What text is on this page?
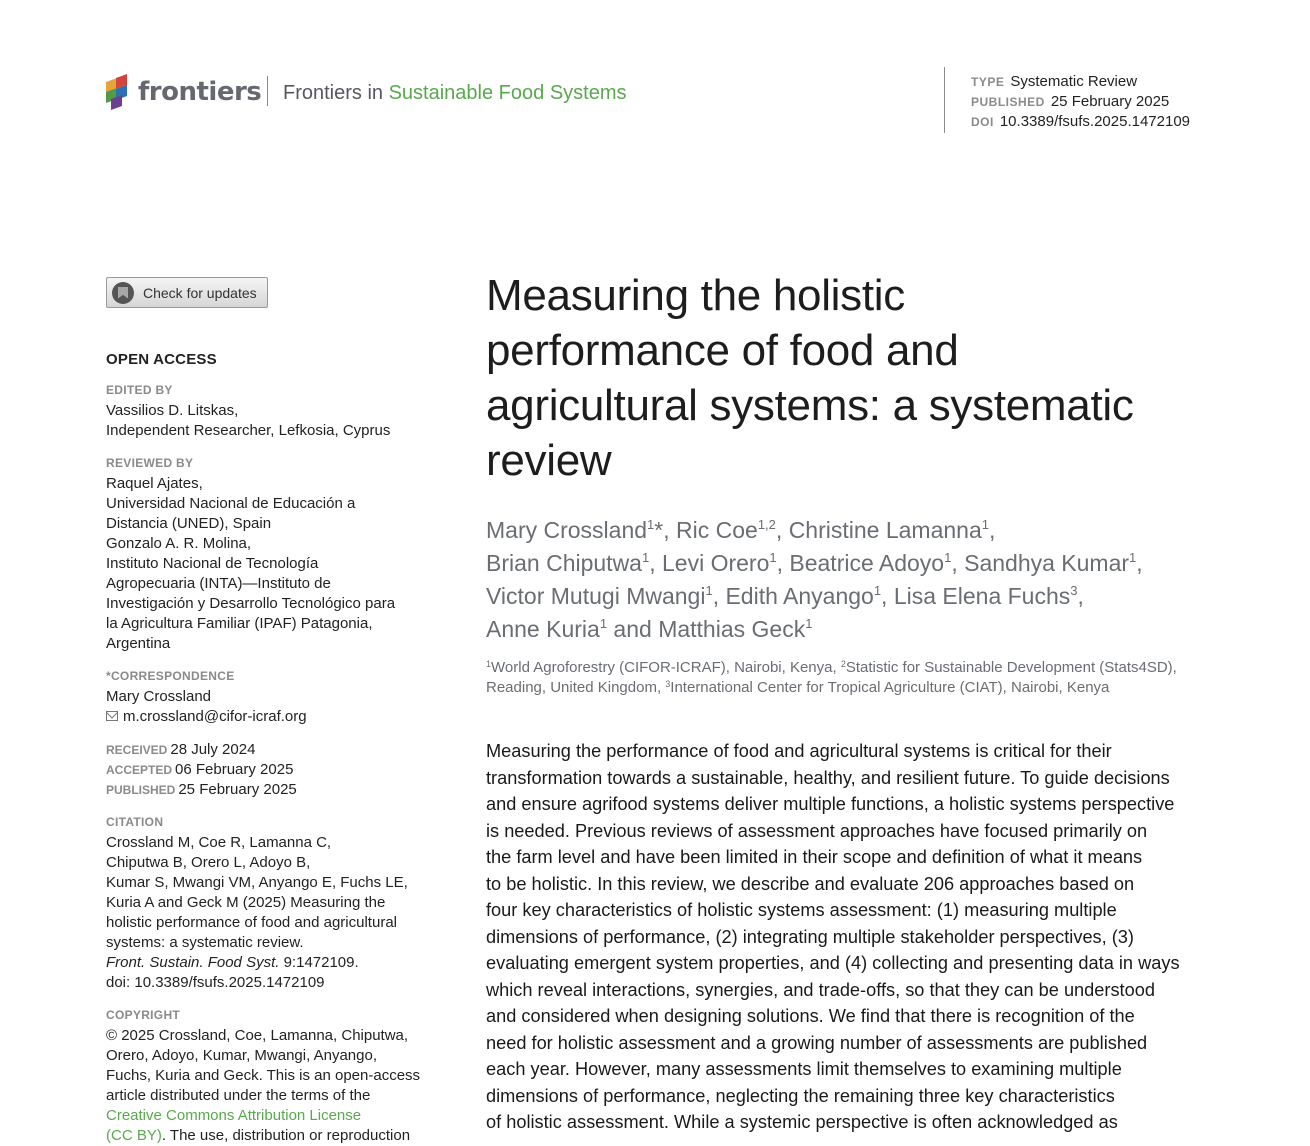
frontiers Frontiers in Sustainable Food Systems	TYPE Systematic Review
PUBLISHED 25 February 2025
DOI 10.3389/fsufs.2025.1472109
Check for updates
OPEN ACCESS
EDITED BY
Vassilios D. Litskas,
Independent Researcher, Lefkosia, Cyprus
REVIEWED BY
Raquel Ajates,
Universidad Nacional de Educación a
Distancia (UNED), Spain
Gonzalo A. R. Molina,
Instituto Nacional de Tecnología
Agropecuaria (INTA)—Instituto de
Investigación y Desarrollo Tecnológico para
la Agricultura Familiar (IPAF) Patagonia,
Argentina
*CORRESPONDENCE
Mary Crossland
m.crossland@cifor-icraf.org
RECEIVED 28 July 2024
ACCEPTED 06 February 2025
PUBLISHED 25 February 2025
CITATION
Crossland M, Coe R, Lamanna C,
Chiputwa B, Orero L, Adoyo B,
Kumar S, Mwangi VM, Anyango E, Fuchs LE,
Kuria A and Geck M (2025) Measuring the
holistic performance of food and agricultural
systems: a systematic review.
Front. Sustain. Food Syst. 9:1472109.
doi: 10.3389/fsufs.2025.1472109
COPYRIGHT
© 2025 Crossland, Coe, Lamanna, Chiputwa,
Orero, Adoyo, Kumar, Mwangi, Anyango,
Fuchs, Kuria and Geck. This is an open-access
article distributed under the terms of the
Creative Commons Attribution License
(CC BY). The use, distribution or reproduction
Measuring the holistic
performance of food and
agricultural systems: a systematic
review
Mary Crossland$^1$*, Ric Coe$^{1,2}$, Christine Lamanna$^1$,
Brian Chiputwa$^1$, Levi Orero$^1$, Beatrice Adoyo$^1$, Sandhya Kumar$^1$,
Victor Mutugi Mwangi$^1$, Edith Anyango$^1$, Lisa Elena Fuchs$^3$,
Anne Kuria$^1$ and Matthias Geck$^1$
$^1$World Agroforestry (CIFOR-ICRAF), Nairobi, Kenya, $^2$Statistic for Sustainable Development (Stats4SD),
Reading, United Kingdom, $^3$International Center for Tropical Agriculture (CIAT), Nairobi, Kenya
Measuring the performance of food and agricultural systems is critical for their
transformation towards a sustainable, healthy, and resilient future. To guide decisions
and ensure agrifood systems deliver multiple functions, a holistic systems perspective
is needed. Previous reviews of assessment approaches have focused primarily on
the farm level and have been limited in their scope and definition of what it means
to be holistic. In this review, we describe and evaluate 206 approaches based on
four key characteristics of holistic systems assessment: (1) measuring multiple
dimensions of performance, (2) integrating multiple stakeholder perspectives, (3)
evaluating emergent system properties, and (4) collecting and presenting data in ways
which reveal interactions, synergies, and trade-offs, so that they can be understood
and considered when designing solutions. We find that there is recognition of the
need for holistic assessment and a growing number of assessments are published
each year. However, many assessments limit themselves to examining multiple
dimensions of performance, neglecting the remaining three key characteristics
of holistic assessment. While a systemic perspective is often acknowledged as
